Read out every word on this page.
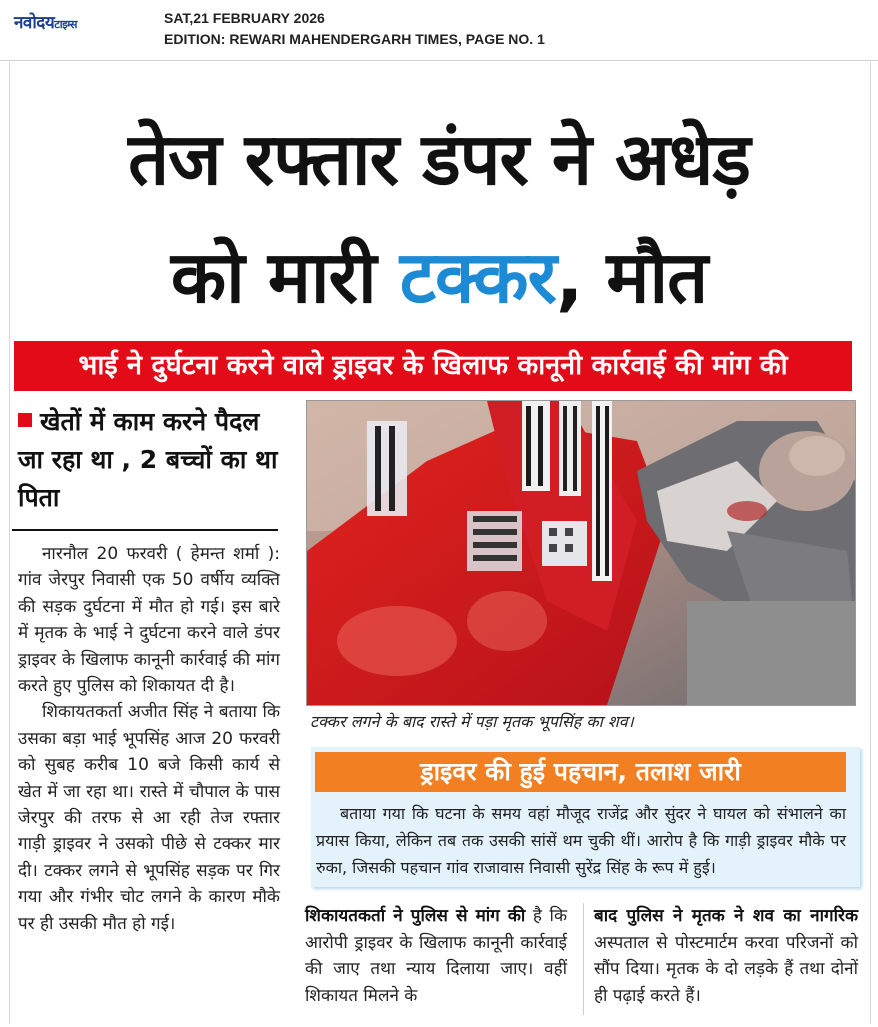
नवोदयटाइम्स	SAT,21 FEBRUARY 2026
EDITION: REWARI MAHENDERGARH TIMES, PAGE NO. 1
तेज रफ्तार डंपर ने अधेड़
को मारी टक्कर, मौत
भाई ने दुर्घटना करने वाले ड्राइवर के खिलाफ कानूनी कार्रवाई की मांग की
खेतों में काम करने पैदल जा रहा था , 2 बच्चों का था पिता

नारनौल 20 फरवरी ( हेमन्त शर्मा ): गांव जेरपुर निवासी एक 50 वर्षीय व्यक्ति की सड़क दुर्घटना में मौत हो गई। इस बारे में मृतक के भाई ने दुर्घटना करने वाले डंपर ड्राइवर के खिलाफ कानूनी कार्रवाई की मांग करते हुए पुलिस को शिकायत दी है।

शिकायतकर्ता अजीत सिंह ने बताया कि उसका बड़ा भाई भूपसिंह आज 20 फरवरी को सुबह करीब 10 बजे किसी कार्य से खेत में जा रहा था। रास्ते में चौपाल के पास जेरपुर की तरफ से आ रही तेज रफ्तार गाड़ी ड्राइवर ने उसको पीछे से टक्कर मार दी। टक्कर लगने से भूपसिंह सड़क पर गिर गया और गंभीर चोट लगने के कारण मौके पर ही उसकी मौत हो गई।

टक्कर लगने के बाद रास्ते में पड़ा मृतक भूपसिंह का शव।
ड्राइवर की हुई पहचान, तलाश जारी

बताया गया कि घटना के समय वहां मौजूद राजेंद्र और सुंदर ने घायल को संभालने का प्रयास किया, लेकिन तब तक उसकी सांसें थम चुकी थीं। आरोप है कि गाड़ी ड्राइवर मौके पर रुका, जिसकी पहचान गांव राजावास निवासी सुरेंद्र सिंह के रूप में हुई।

शिकायतकर्ता ने पुलिस से मांग की है कि आरोपी ड्राइवर के खिलाफ कानूनी कार्रवाई की जाए तथा न्याय दिलाया जाए। वहीं शिकायत मिलने के

बाद पुलिस ने मृतक ने शव का नागरिक अस्पताल से पोस्टमार्टम करवा परिजनों को सौंप दिया। मृतक के दो लड़के हैं तथा दोनों ही पढ़ाई करते हैं।
